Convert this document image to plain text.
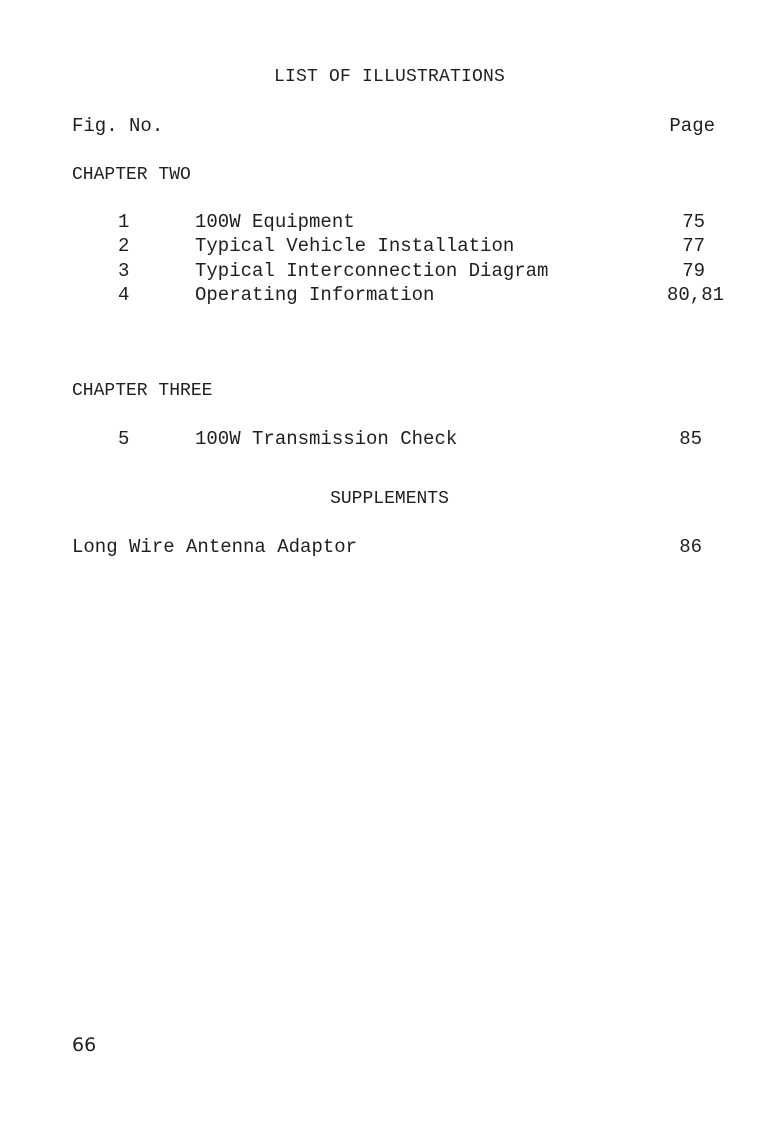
LIST OF ILLUSTRATIONS
Fig. No.	Page
CHAPTER TWO
1	100W Equipment	75
2	Typical Vehicle Installation	77
3	Typical Interconnection Diagram	79
4	Operating Information	80,81
CHAPTER THREE
5	100W Transmission Check	85
SUPPLEMENTS
Long Wire Antenna Adaptor	86
66
